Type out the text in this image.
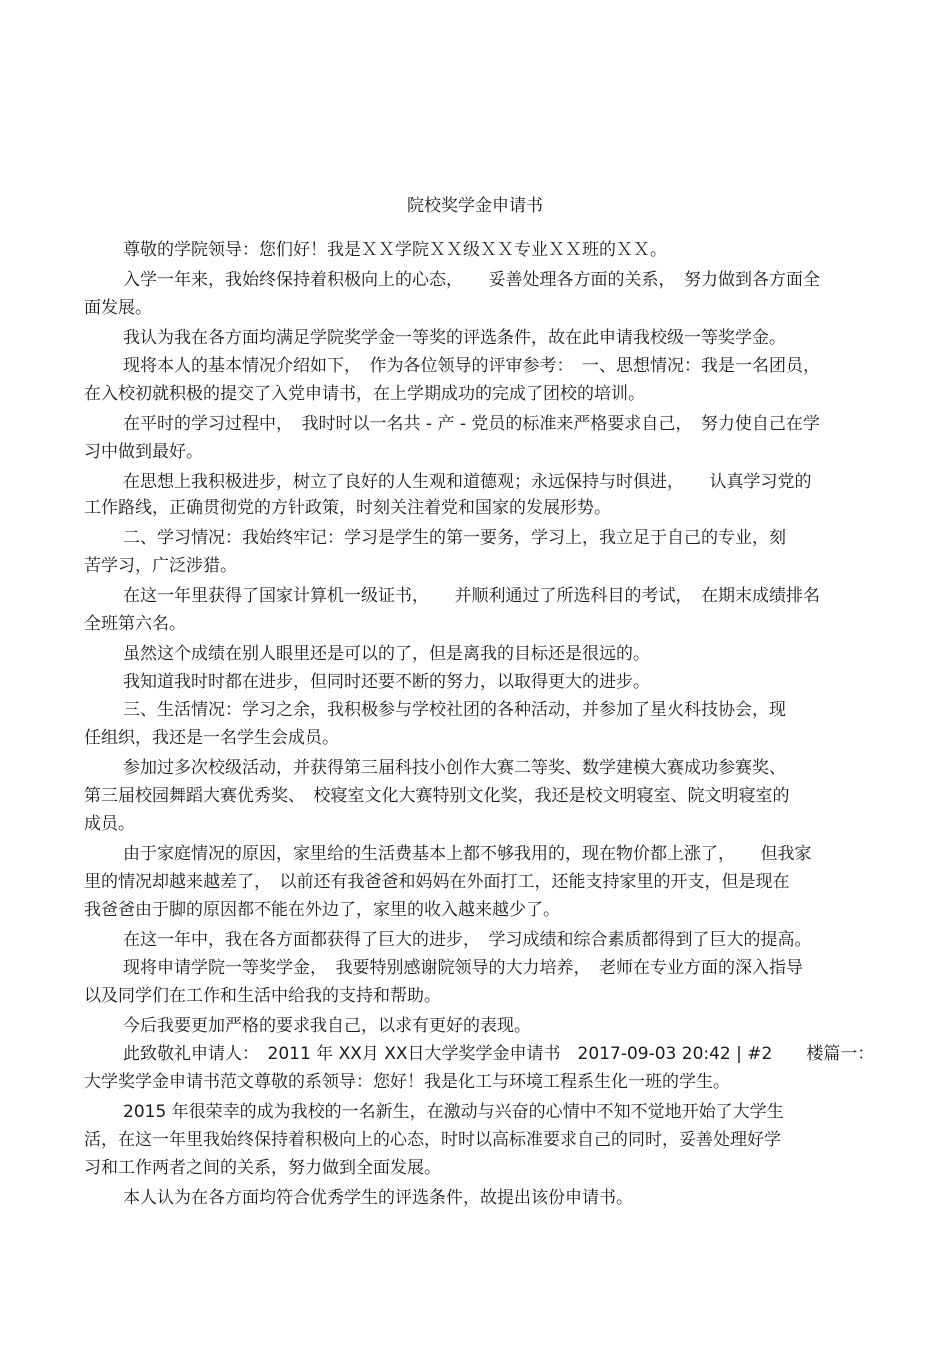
院校奖学金申请书
尊敬的学院领导：您们好！我是ＸＸ学院ＸＸ级ＸＸ专业ＸＸ班的ＸＸ。
入学一年来，我始终保持着积极向上的心态，　　妥善处理各方面的关系，　努力做到各方面全
面发展。
我认为我在各方面均满足学院奖学金一等奖的评选条件，故在此申请我校级一等奖学金。
现将本人的基本情况介绍如下，　作为各位领导的评审参考：　一、思想情况：我是一名团员，
在入校初就积极的提交了入党申请书，在上学期成功的完成了团校的培训。
在平时的学习过程中，　我时时以一名共 - 产 - 党员的标准来严格要求自己，　努力使自己在学
习中做到最好。
在思想上我积极进步，树立了良好的人生观和道德观；永远保持与时俱进，　　认真学习党的
工作路线，正确贯彻党的方针政策，时刻关注着党和国家的发展形势。
二、学习情况：我始终牢记：学习是学生的第一要务，学习上，我立足于自己的专业，刻
苦学习，广泛涉猎。
在这一年里获得了国家计算机一级证书，　　并顺利通过了所选科目的考试，　在期末成绩排名
全班第六名。
虽然这个成绩在别人眼里还是可以的了，但是离我的目标还是很远的。
我知道我时时都在进步，但同时还要不断的努力，以取得更大的进步。
三、生活情况：学习之余，我积极参与学校社团的各种活动，并参加了星火科技协会，现
任组织，我还是一名学生会成员。
参加过多次校级活动，并获得第三届科技小创作大赛二等奖、数学建模大赛成功参赛奖、
第三届校园舞蹈大赛优秀奖、　校寝室文化大赛特别文化奖，我还是校文明寝室、院文明寝室的
成员。
由于家庭情况的原因，家里给的生活费基本上都不够我用的，现在物价都上涨了，　　但我家
里的情况却越来越差了，　以前还有我爸爸和妈妈在外面打工，还能支持家里的开支，但是现在
我爸爸由于脚的原因都不能在外边了，家里的收入越来越少了。
在这一年中，我在各方面都获得了巨大的进步，　学习成绩和综合素质都得到了巨大的提高。
现将申请学院一等奖学金，　我要特别感谢院领导的大力培养，　老师在专业方面的深入指导
以及同学们在工作和生活中给我的支持和帮助。
今后我要更加严格的要求我自己，以求有更好的表现。
此致敬礼申请人：　2011 年 XX月 XX日大学奖学金申请书　2017-09-03 20:42 | #2　　楼篇一：
大学奖学金申请书范文尊敬的系领导：您好！我是化工与环境工程系生化一班的学生。
2015 年很荣幸的成为我校的一名新生，在激动与兴奋的心情中不知不觉地开始了大学生
活，在这一年里我始终保持着积极向上的心态，时时以高标准要求自己的同时，妥善处理好学
习和工作两者之间的关系，努力做到全面发展。
本人认为在各方面均符合优秀学生的评选条件，故提出该份申请书。
